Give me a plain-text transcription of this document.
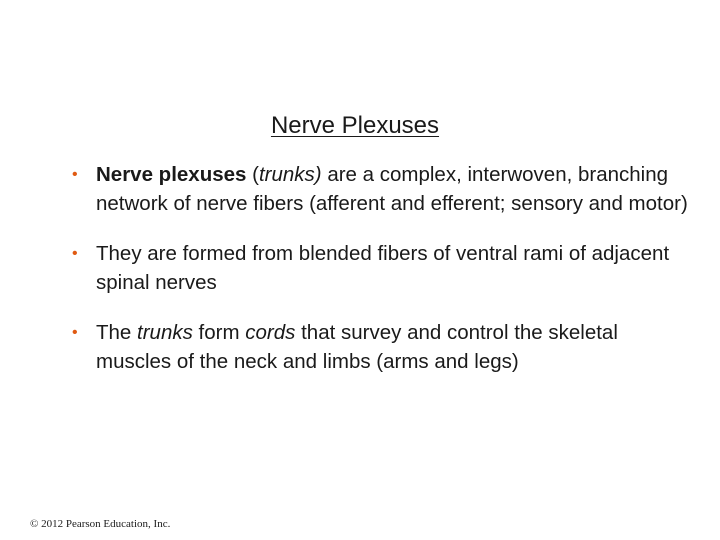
Nerve Plexuses
• Nerve plexuses (trunks) are a complex, interwoven, branching network of nerve fibers (afferent and efferent; sensory and motor)
• They are formed from blended fibers of ventral rami of adjacent spinal nerves
• The trunks form cords that survey and control the skeletal muscles of the neck and limbs (arms and legs)
© 2012 Pearson Education, Inc.
